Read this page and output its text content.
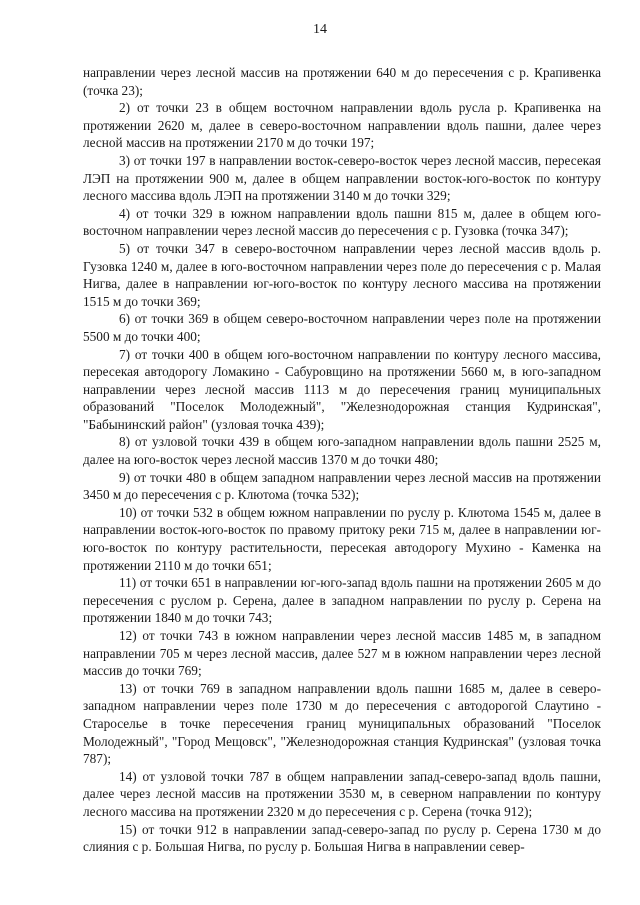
14

направлении через лесной массив на протяжении 640 м до пересечения с р. Крапивенка (точка 23);

2) от точки 23 в общем восточном направлении вдоль русла р. Крапивенка на протяжении 2620 м, далее в северо-восточном направлении вдоль пашни, далее через лесной массив на протяжении 2170 м до точки 197;

3) от точки 197 в направлении восток-северо-восток через лесной массив, пересекая ЛЭП на протяжении 900 м, далее в общем направлении восток-юго-восток по контуру лесного массива вдоль ЛЭП на протяжении 3140 м до точки 329;

4) от точки 329 в южном направлении вдоль пашни 815 м, далее в общем юго-восточном направлении через лесной массив до пересечения с р. Гузовка (точка 347);

5) от точки 347 в северо-восточном направлении через лесной массив вдоль р. Гузовка 1240 м, далее в юго-восточном направлении через поле до пересечения с р. Малая Нигва, далее в направлении юг-юго-восток по контуру лесного массива на протяжении 1515 м до точки 369;

6) от точки 369 в общем северо-восточном направлении через поле на протяжении 5500 м до точки 400;

7) от точки 400 в общем юго-восточном направлении по контуру лесного массива, пересекая автодорогу Ломакино - Сабуровщино на протяжении 5660 м, в юго-западном направлении через лесной массив 1113 м до пересечения границ муниципальных образований "Поселок Молодежный", "Железнодорожная станция Кудринская", "Бабынинский район" (узловая точка 439);

8) от узловой точки 439 в общем юго-западном направлении вдоль пашни 2525 м, далее на юго-восток через лесной массив 1370 м до точки 480;

9) от точки 480 в общем западном направлении через лесной массив на протяжении 3450 м до пересечения с р. Клютома (точка 532);

10) от точки 532 в общем южном направлении по руслу р. Клютома 1545 м, далее в направлении восток-юго-восток по правому притоку реки 715 м, далее в направлении юг-юго-восток по контуру растительности, пересекая автодорогу Мухино - Каменка на протяжении 2110 м до точки 651;

11) от точки 651 в направлении юг-юго-запад вдоль пашни на протяжении 2605 м до пересечения с руслом р. Серена, далее в западном направлении по руслу р. Серена на протяжении 1840 м до точки 743;

12) от точки 743 в южном направлении через лесной массив 1485 м, в западном направлении 705 м через лесной массив, далее 527 м в южном направлении через лесной массив до точки 769;

13) от точки 769 в западном направлении вдоль пашни 1685 м, далее в северо-западном направлении через поле 1730 м до пересечения с автодорогой Слаутино - Староселье в точке пересечения границ муниципальных образований "Поселок Молодежный", "Город Мещовск", "Железнодорожная станция Кудринская" (узловая точка 787);

14) от узловой точки 787 в общем направлении запад-северо-запад вдоль пашни, далее через лесной массив на протяжении 3530 м, в северном направлении по контуру лесного массива на протяжении 2320 м до пересечения с р. Серена (точка 912);

15) от точки 912 в направлении запад-северо-запад по руслу р. Серена 1730 м до слияния с р. Большая Нигва, по руслу р. Большая Нигва в направлении север-
